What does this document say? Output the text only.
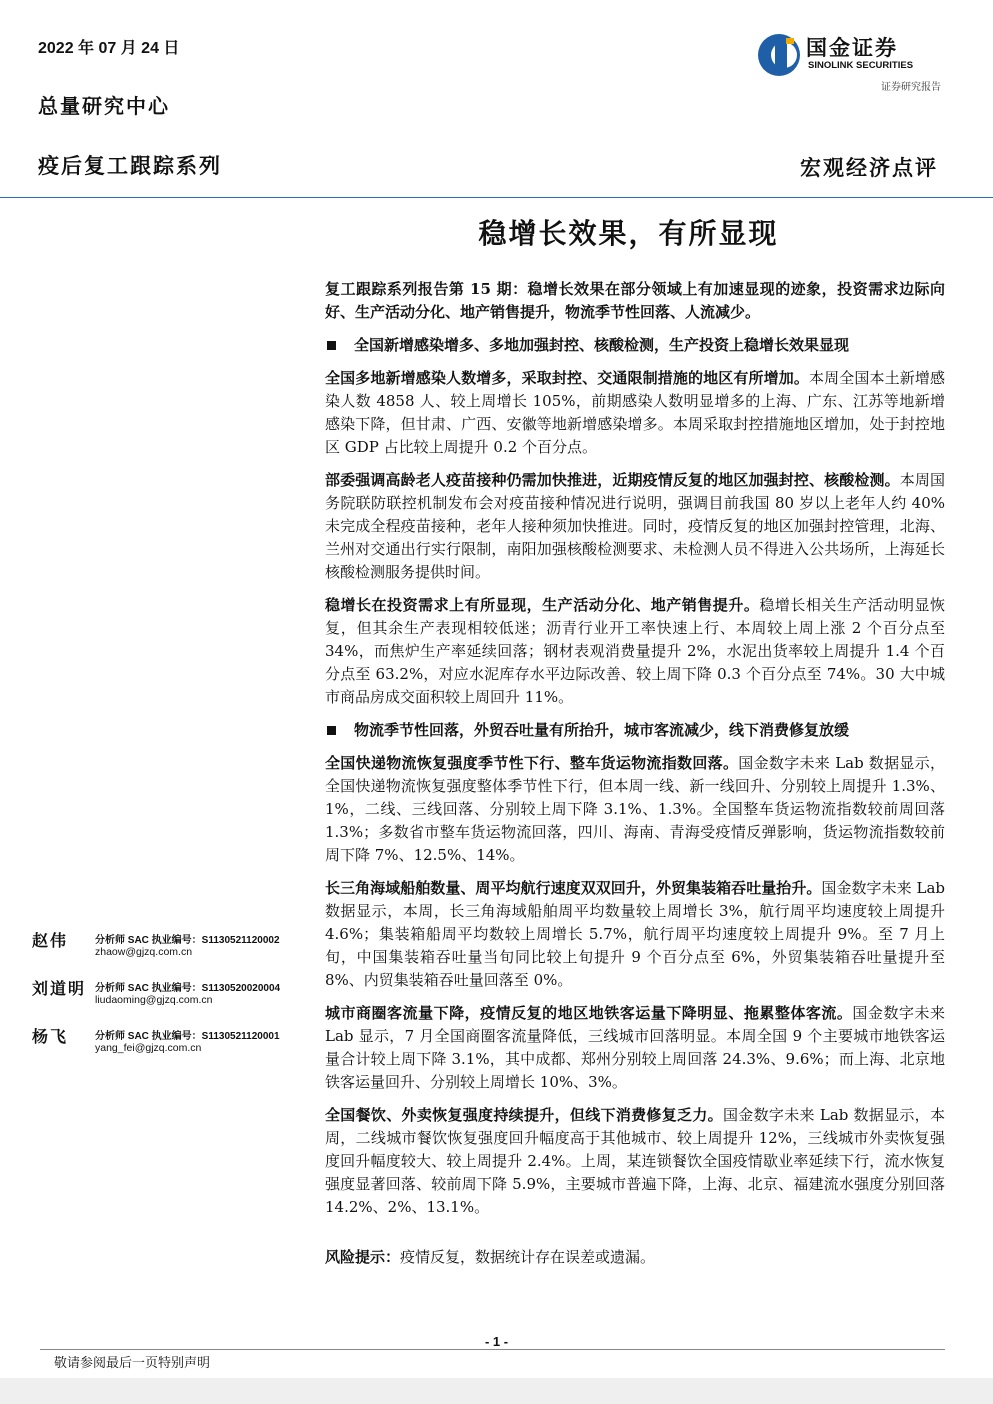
2022 年 07 月 24 日
总量研究中心
疫后复工跟踪系列	宏观经济点评
国金证券
SINOLINK SECURITIES
证券研究报告
稳增长效果，有所显现

复工跟踪系列报告第 15 期：稳增长效果在部分领域上有加速显现的迹象，投资需求边际向好、生产活动分化、地产销售提升，物流季节性回落、人流减少。

全国新增感染增多、多地加强封控、核酸检测，生产投资上稳增长效果显现

全国多地新增感染人数增多，采取封控、交通限制措施的地区有所增加。本周全国本土新增感染人数 4858 人、较上周增长 105%，前期感染人数明显增多的上海、广东、江苏等地新增感染下降，但甘肃、广西、安徽等地新增感染增多。本周采取封控措施地区增加，处于封控地区 GDP 占比较上周提升 0.2 个百分点。

部委强调高龄老人疫苗接种仍需加快推进，近期疫情反复的地区加强封控、核酸检测。本周国务院联防联控机制发布会对疫苗接种情况进行说明，强调目前我国 80 岁以上老年人约 40%未完成全程疫苗接种，老年人接种须加快推进。同时，疫情反复的地区加强封控管理，北海、兰州对交通出行实行限制，南阳加强核酸检测要求、未检测人员不得进入公共场所，上海延长核酸检测服务提供时间。

稳增长在投资需求上有所显现，生产活动分化、地产销售提升。稳增长相关生产活动明显恢复，但其余生产表现相较低迷；沥青行业开工率快速上行、本周较上周上涨 2 个百分点至 34%，而焦炉生产率延续回落；钢材表观消费量提升 2%，水泥出货率较上周提升 1.4 个百分点至 63.2%，对应水泥库存水平边际改善、较上周下降 0.3 个百分点至 74%。30 大中城市商品房成交面积较上周回升 11%。

物流季节性回落，外贸吞吐量有所抬升，城市客流减少，线下消费修复放缓

全国快递物流恢复强度季节性下行、整车货运物流指数回落。国金数字未来 Lab 数据显示，全国快递物流恢复强度整体季节性下行，但本周一线、新一线回升、分别较上周提升 1.3%、1%，二线、三线回落、分别较上周下降 3.1%、1.3%。全国整车货运物流指数较前周回落 1.3%；多数省市整车货运物流回落，四川、海南、青海受疫情反弹影响，货运物流指数较前周下降 7%、12.5%、14%。

长三角海域船舶数量、周平均航行速度双双回升，外贸集装箱吞吐量抬升。国金数字未来 Lab 数据显示，本周，长三角海域船舶周平均数量较上周增长 3%，航行周平均速度较上周提升 4.6%；集装箱船周平均数较上周增长 5.7%，航行周平均速度较上周提升 9%。至 7 月上旬，中国集装箱吞吐量当旬同比较上旬提升 9 个百分点至 6%，外贸集装箱吞吐量提升至 8%、内贸集装箱吞吐量回落至 0%。

城市商圈客流量下降，疫情反复的地区地铁客运量下降明显、拖累整体客流。国金数字未来 Lab 显示，7 月全国商圈客流量降低，三线城市回落明显。本周全国 9 个主要城市地铁客运量合计较上周下降 3.1%，其中成都、郑州分别较上周回落 24.3%、9.6%；而上海、北京地铁客运量回升、分别较上周增长 10%、3%。

全国餐饮、外卖恢复强度持续提升，但线下消费修复乏力。国金数字未来 Lab 数据显示，本周，二线城市餐饮恢复强度回升幅度高于其他城市、较上周提升 12%，三线城市外卖恢复强度回升幅度较大、较上周提升 2.4%。上周，某连锁餐饮全国疫情歇业率延续下行，流水恢复强度显著回落、较前周下降 5.9%，主要城市普遍下降，上海、北京、福建流水强度分别回落 14.2%、2%、13.1%。

风险提示：疫情反复，数据统计存在误差或遗漏。
赵伟	分析师 SAC 执业编号：S1130521120002
zhaow@gjzq.com.cn
刘道明 分析师 SAC 执业编号：S1130520020004
liudaoming@gjzq.com.cn
杨飞	分析师 SAC 执业编号：S1130521120001
yang_fei@gjzq.com.cn
- 1 -
敬请参阅最后一页特别声明
